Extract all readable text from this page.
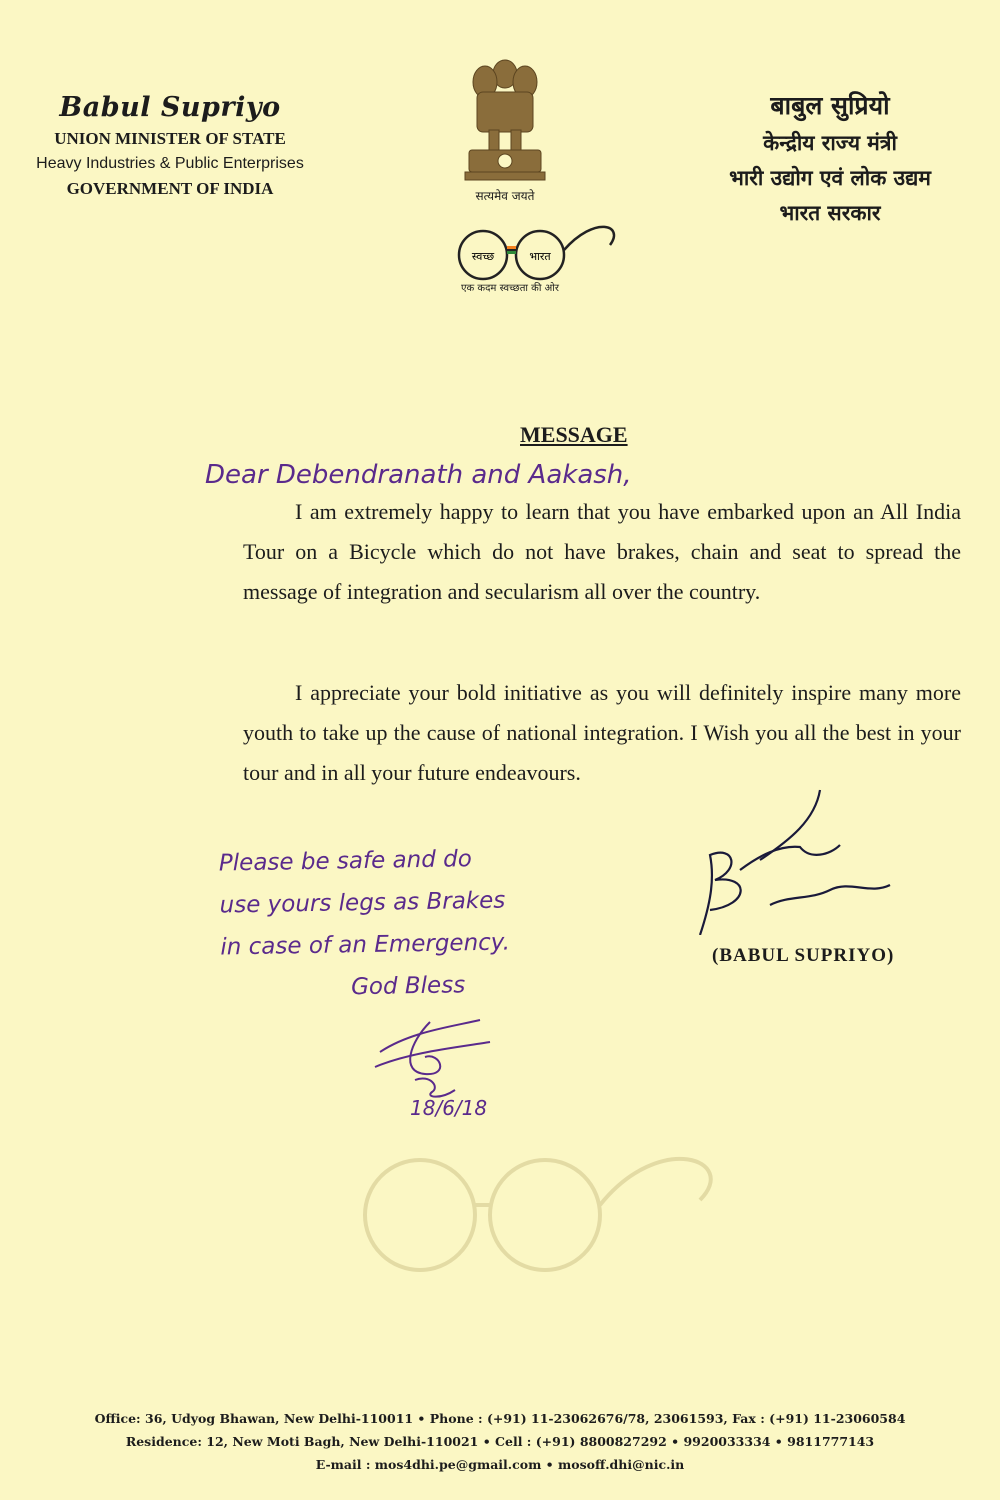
Babul Supriyo
UNION MINISTER OF STATE
Heavy Industries & Public Enterprises
GOVERNMENT OF INDIA	सत्यमेव जयते
स्वच्छ	भारत
एक कदम स्वच्छता की ओर
बाबुल सुप्रियो
केन्द्रीय राज्य मंत्री
भारी उद्योग एवं लोक उद्यम
भारत सरकार
MESSAGE
Dear Debendranath and Aakash,

I am extremely happy to learn that you have embarked upon an All India Tour on a Bicycle which do not have brakes, chain and seat to spread the message of integration and secularism all over the country.

I appreciate your bold initiative as you will definitely inspire many more youth to take up the cause of national integration. I Wish you all the best in your tour and in all your future endeavours.

Please be safe and do
use yours legs as Brakes
in case of an Emergency.
God Bless
18/6/18
(BABUL SUPRIYO)
Office: 36, Udyog Bhawan, New Delhi-110011 • Phone : (+91) 11-23062676/78, 23061593, Fax : (+91) 11-23060584
Residence: 12, New Moti Bagh, New Delhi-110021 • Cell : (+91) 8800827292 • 9920033334 • 9811777143
E-mail : mos4dhi.pe@gmail.com • mosoff.dhi@nic.in
